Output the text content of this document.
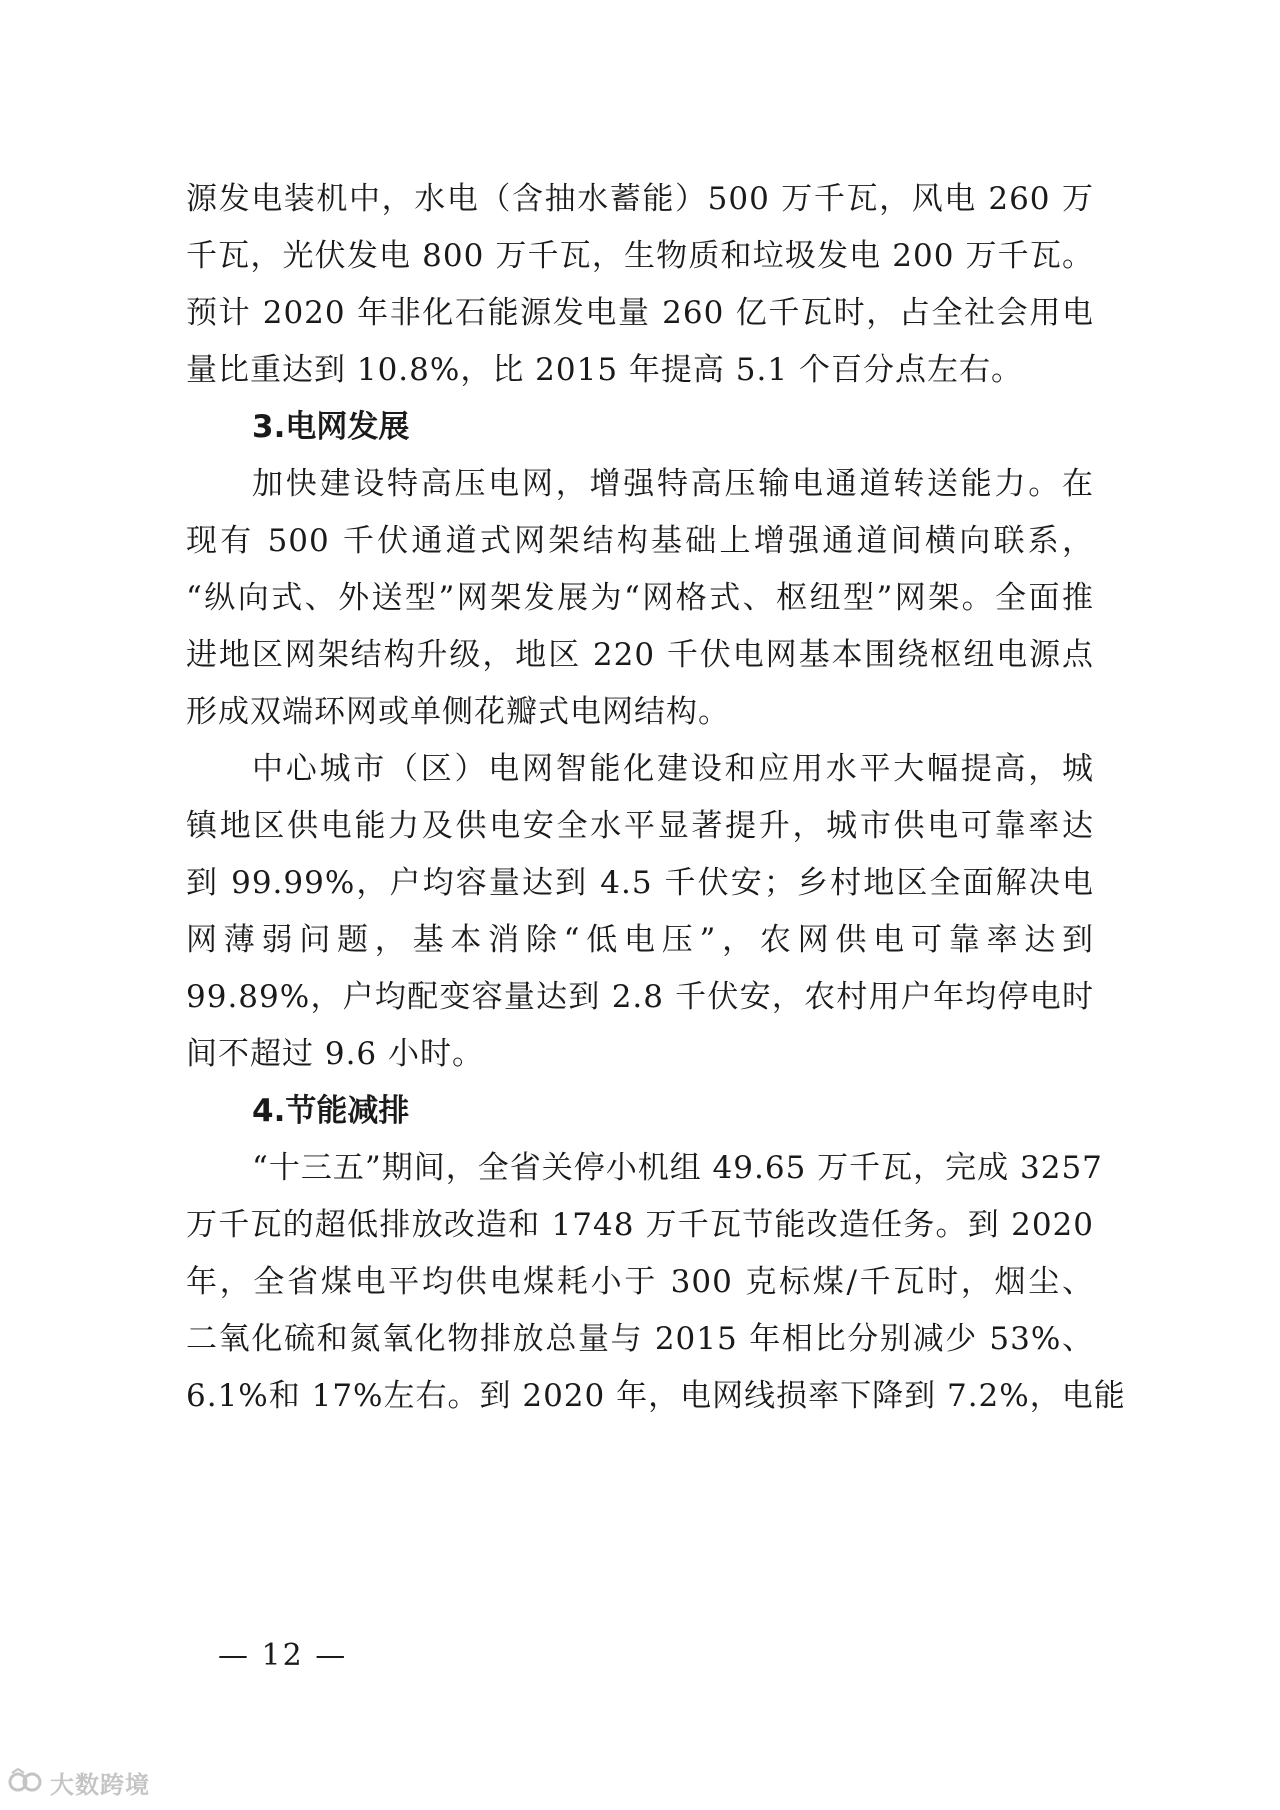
源发电装机中，水电（含抽水蓄能）500 万千瓦，风电 260 万
千瓦，光伏发电 800 万千瓦，生物质和垃圾发电 200 万千瓦。
预计 2020 年非化石能源发电量 260 亿千瓦时，占全社会用电
量比重达到 10.8%，比 2015 年提高 5.1 个百分点左右。
3.电网发展
加快建设特高压电网，增强特高压输电通道转送能力。在
现有 500 千伏通道式网架结构基础上增强通道间横向联系，
“纵向式、外送型”网架发展为“网格式、枢纽型”网架。全面推
进地区网架结构升级，地区 220 千伏电网基本围绕枢纽电源点
形成双端环网或单侧花瓣式电网结构。
中心城市（区）电网智能化建设和应用水平大幅提高，城
镇地区供电能力及供电安全水平显著提升，城市供电可靠率达
到 99.99%，户均容量达到 4.5 千伏安；乡村地区全面解决电
网薄弱问题，基本消除“低电压”，农网供电可靠率达到
99.89%，户均配变容量达到 2.8 千伏安，农村用户年均停电时
间不超过 9.6 小时。
4.节能减排
“十三五”期间，全省关停小机组 49.65 万千瓦，完成 3257
万千瓦的超低排放改造和 1748 万千瓦节能改造任务。到 2020
年，全省煤电平均供电煤耗小于 300 克标煤/千瓦时，烟尘、
二氧化硫和氮氧化物排放总量与 2015 年相比分别减少 53%、
6.1%和 17%左右。到 2020 年，电网线损率下降到 7.2%，电能
— 12 —
大数跨境
